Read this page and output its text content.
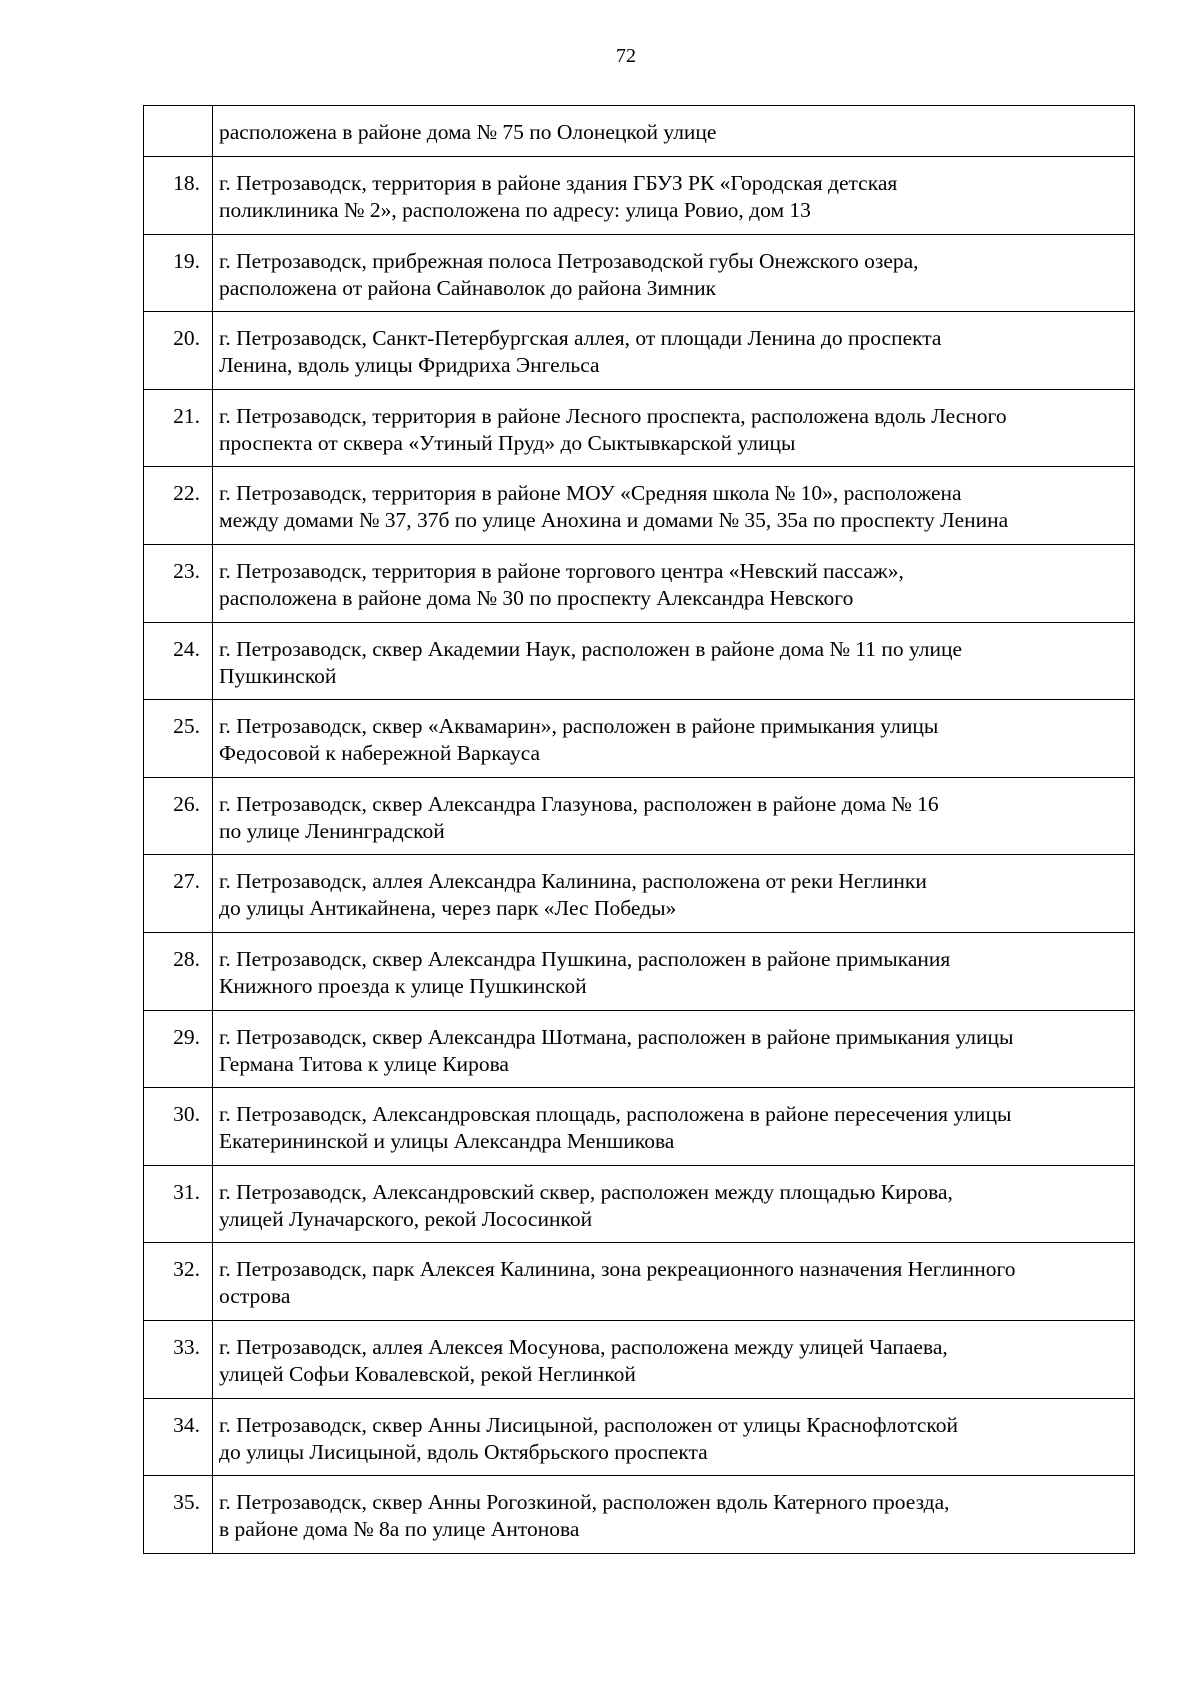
72

	расположена в районе дома № 75 по Олонецкой улице

18.	г. Петрозаводск, территория в районе здания ГБУЗ РК «Городская детская
поликлиника № 2», расположена по адресу: улица Ровио, дом 13

19.	г. Петрозаводск, прибрежная полоса Петрозаводской губы Онежского озера,
расположена от района Сайнаволок до района Зимник

20.	г. Петрозаводск, Санкт-Петербургская аллея, от площади Ленина до проспекта
Ленина, вдоль улицы Фридриха Энгельса

21.	г. Петрозаводск, территория в районе Лесного проспекта, расположена вдоль Лесного
проспекта от сквера «Утиный Пруд» до Сыктывкарской улицы

22.	г. Петрозаводск, территория в районе МОУ «Средняя школа № 10», расположена
между домами № 37, 37б по улице Анохина и домами № 35, 35а по проспекту Ленина

23.	г. Петрозаводск, территория в районе торгового центра «Невский пассаж»,
расположена в районе дома № 30 по проспекту Александра Невского

24.	г. Петрозаводск, сквер Академии Наук, расположен в районе дома № 11 по улице
Пушкинской

25.	г. Петрозаводск, сквер «Аквамарин», расположен в районе примыкания улицы
Федосовой к набережной Варкауса

26.	г. Петрозаводск, сквер Александра Глазунова, расположен в районе дома № 16
по улице Ленинградской

27.	г. Петрозаводск, аллея Александра Калинина, расположена от реки Неглинки
до улицы Антикайнена, через парк «Лес Победы»

28.	г. Петрозаводск, сквер Александра Пушкина, расположен в районе примыкания
Книжного проезда к улице Пушкинской

29.	г. Петрозаводск, сквер Александра Шотмана, расположен в районе примыкания улицы
Германа Титова к улице Кирова

30.	г. Петрозаводск, Александровская площадь, расположена в районе пересечения улицы
Екатерининской и улицы Александра Меншикова

31.	г. Петрозаводск, Александровский сквер, расположен между площадью Кирова,
улицей Луначарского, рекой Лососинкой

32.	г. Петрозаводск, парк Алексея Калинина, зона рекреационного назначения Неглинного
острова

33.	г. Петрозаводск, аллея Алексея Мосунова, расположена между улицей Чапаева,
улицей Софьи Ковалевской, рекой Неглинкой

34.	г. Петрозаводск, сквер Анны Лисицыной, расположен от улицы Краснофлотской
до улицы Лисицыной, вдоль Октябрьского проспекта

35.	г. Петрозаводск, сквер Анны Рогозкиной, расположен вдоль Катерного проезда,
в районе дома № 8а по улице Антонова
